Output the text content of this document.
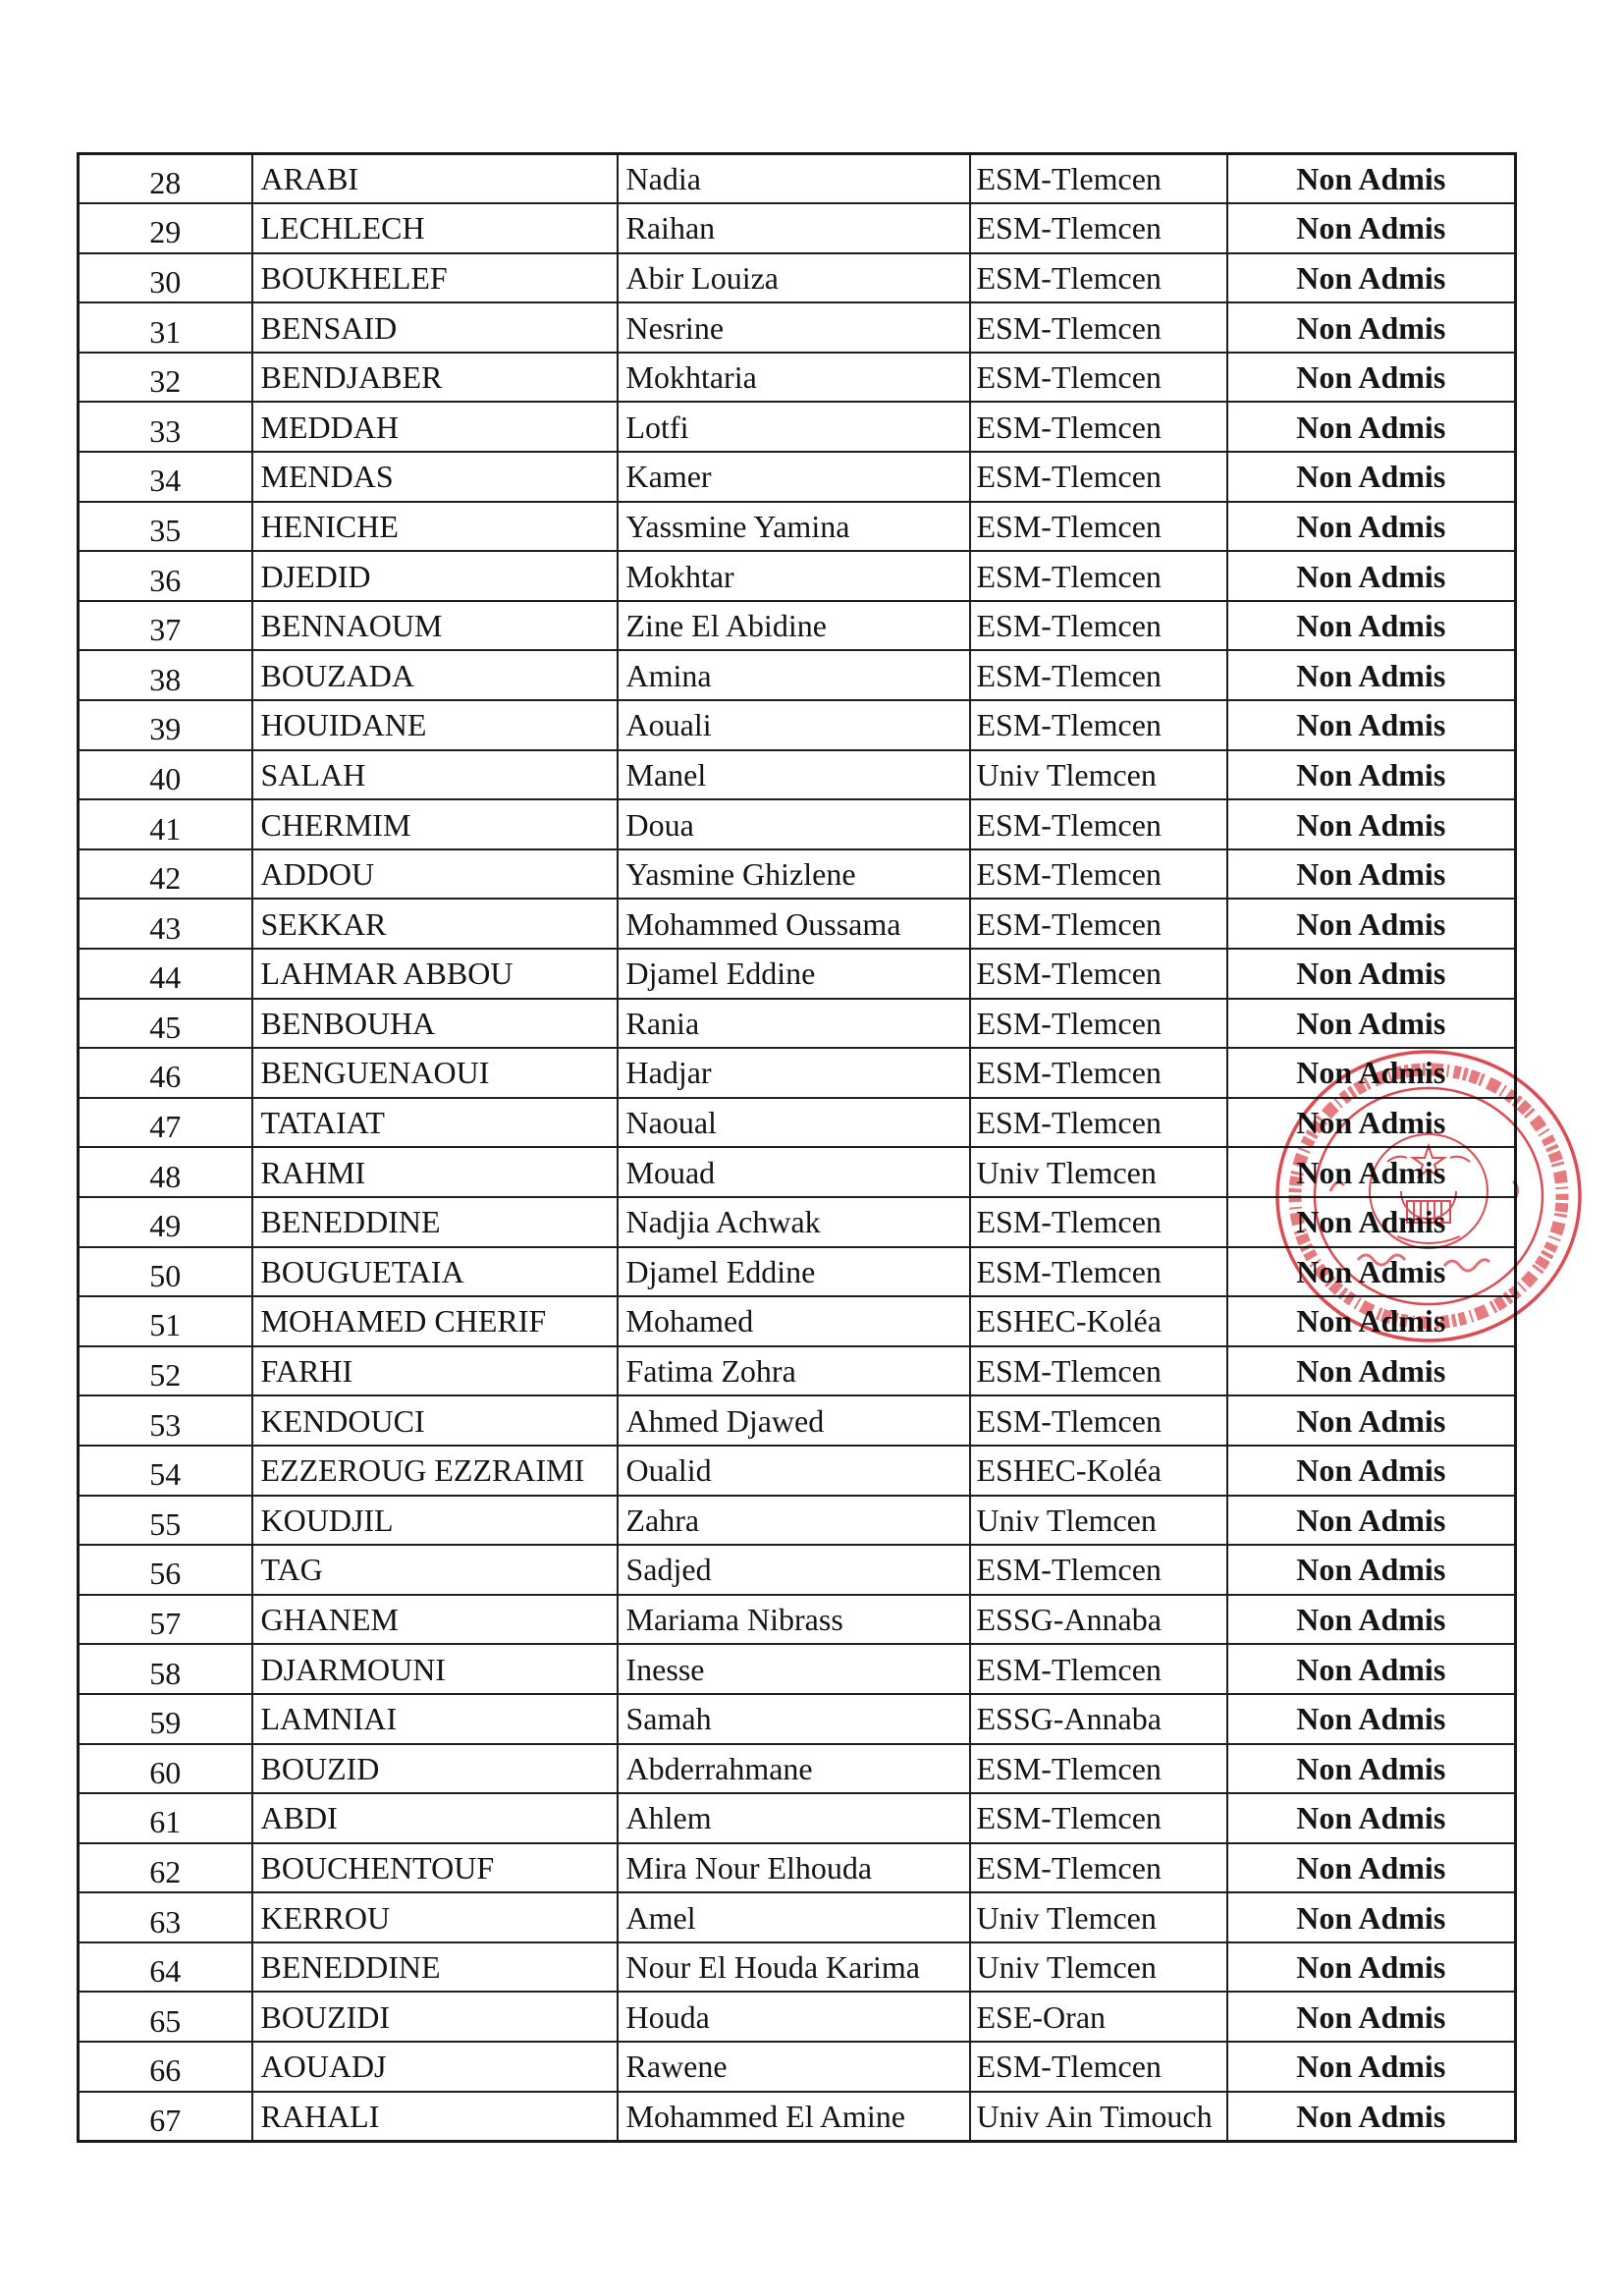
28	ARABI	Nadia	ESM-Tlemcen	Non Admis
29	LECHLECH	Raihan	ESM-Tlemcen	Non Admis
30	BOUKHELEF	Abir Louiza	ESM-Tlemcen	Non Admis
31	BENSAID	Nesrine	ESM-Tlemcen	Non Admis
32	BENDJABER	Mokhtaria	ESM-Tlemcen	Non Admis
33	MEDDAH	Lotfi	ESM-Tlemcen	Non Admis
34	MENDAS	Kamer	ESM-Tlemcen	Non Admis
35	HENICHE	Yassmine Yamina	ESM-Tlemcen	Non Admis
36	DJEDID	Mokhtar	ESM-Tlemcen	Non Admis
37	BENNAOUM	Zine El Abidine	ESM-Tlemcen	Non Admis
38	BOUZADA	Amina	ESM-Tlemcen	Non Admis
39	HOUIDANE	Aouali	ESM-Tlemcen	Non Admis
40	SALAH	Manel	Univ Tlemcen	Non Admis
41	CHERMIM	Doua	ESM-Tlemcen	Non Admis
42	ADDOU	Yasmine Ghizlene	ESM-Tlemcen	Non Admis
43	SEKKAR	Mohammed Oussama	ESM-Tlemcen	Non Admis
44	LAHMAR ABBOU	Djamel Eddine	ESM-Tlemcen	Non Admis
45	BENBOUHA	Rania	ESM-Tlemcen	Non Admis
46	BENGUENAOUI	Hadjar	ESM-Tlemcen	Non Admis
47	TATAIAT	Naoual	ESM-Tlemcen	Non Admis
48	RAHMI	Mouad	Univ Tlemcen	Non Admis
49	BENEDDINE	Nadjia Achwak	ESM-Tlemcen	Non Admis
50	BOUGUETAIA	Djamel Eddine	ESM-Tlemcen	Non Admis
51	MOHAMED CHERIF	Mohamed	ESHEC-Koléa	Non Admis
52	FARHI	Fatima Zohra	ESM-Tlemcen	Non Admis
53	KENDOUCI	Ahmed Djawed	ESM-Tlemcen	Non Admis
54	EZZEROUG EZZRAIMI	Oualid	ESHEC-Koléa	Non Admis
55	KOUDJIL	Zahra	Univ Tlemcen	Non Admis
56	TAG	Sadjed	ESM-Tlemcen	Non Admis
57	GHANEM	Mariama Nibrass	ESSG-Annaba	Non Admis
58	DJARMOUNI	Inesse	ESM-Tlemcen	Non Admis
59	LAMNIAI	Samah	ESSG-Annaba	Non Admis
60	BOUZID	Abderrahmane	ESM-Tlemcen	Non Admis
61	ABDI	Ahlem	ESM-Tlemcen	Non Admis
62	BOUCHENTOUF	Mira Nour Elhouda	ESM-Tlemcen	Non Admis
63	KERROU	Amel	Univ Tlemcen	Non Admis
64	BENEDDINE	Nour El Houda Karima	Univ Tlemcen	Non Admis
65	BOUZIDI	Houda	ESE-Oran	Non Admis
66	AOUADJ	Rawene	ESM-Tlemcen	Non Admis
67	RAHALI	Mohammed El Amine	Univ Ain Timouch	Non Admis
